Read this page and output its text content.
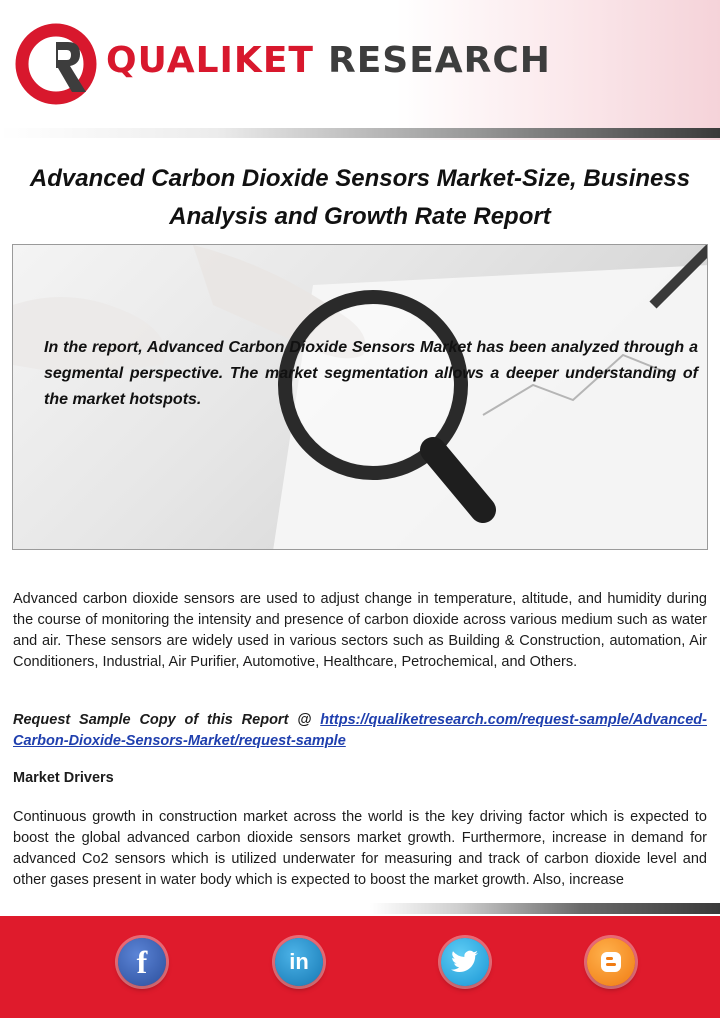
QUALIKET RESEARCH
Advanced Carbon Dioxide Sensors Market-Size, Business Analysis and Growth Rate Report

In the report, Advanced Carbon Dioxide Sensors Market has been analyzed through a segmental perspective. The market segmentation allows a deeper understanding of the market hotspots.

Advanced carbon dioxide sensors are used to adjust change in temperature, altitude, and humidity during the course of monitoring the intensity and presence of carbon dioxide across various medium such as water and air. These sensors are widely used in various sectors such as Building & Construction, automation, Air Conditioners, Industrial, Air Purifier, Automotive, Healthcare, Petrochemical, and Others.

Request Sample Copy of this Report @ https://qualiketresearch.com/request-sample/Advanced-Carbon-Dioxide-Sensors-Market/request-sample

Market Drivers

Continuous growth in construction market across the world is the key driving factor which is expected to boost the global advanced carbon dioxide sensors market growth. Furthermore, increase in demand for advanced Co2 sensors which is utilized underwater for measuring and track of carbon dioxide level and other gases present in water body which is expected to boost the market growth. Also, increase

f	in
